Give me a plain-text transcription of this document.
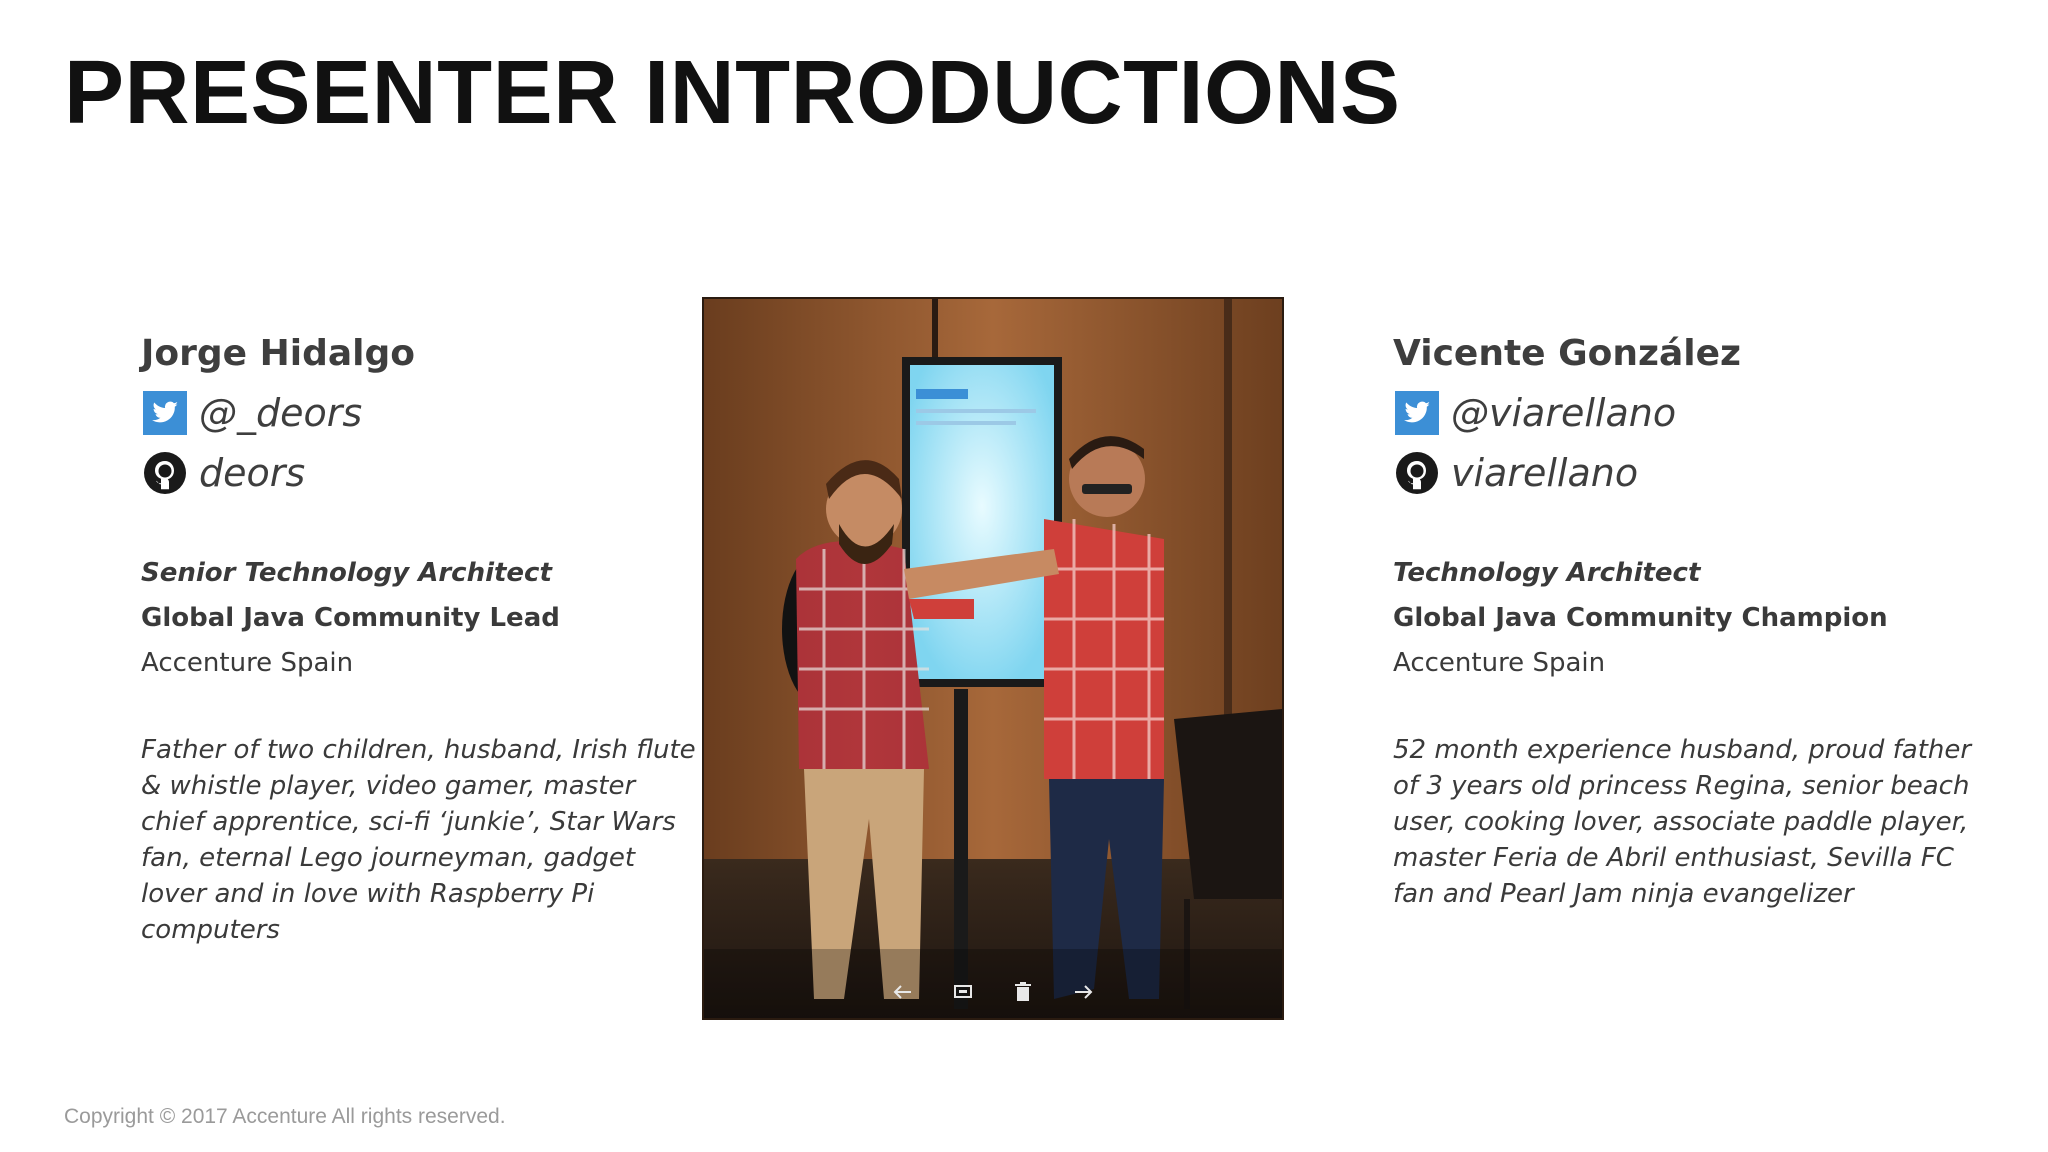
PRESENTER INTRODUCTIONS
Jorge Hidalgo
@_deors
deors
Senior Technology Architect
Global Java Community Lead
Accenture Spain
Father of two children, husband, Irish flute & whistle player, video gamer, master chief apprentice, sci-fi ‘junkie’, Star Wars fan, eternal Lego journeyman, gadget lover and in love with Raspberry Pi computers
Vicente González
@viarellano
viarellano
Technology Architect
Global Java Community Champion
Accenture Spain
52 month experience husband, proud father of 3 years old princess Regina, senior beach user, cooking lover, associate paddle player, master Feria de Abril enthusiast, Sevilla FC fan and Pearl Jam ninja evangelizer
Copyright © 2017 Accenture All rights reserved.
